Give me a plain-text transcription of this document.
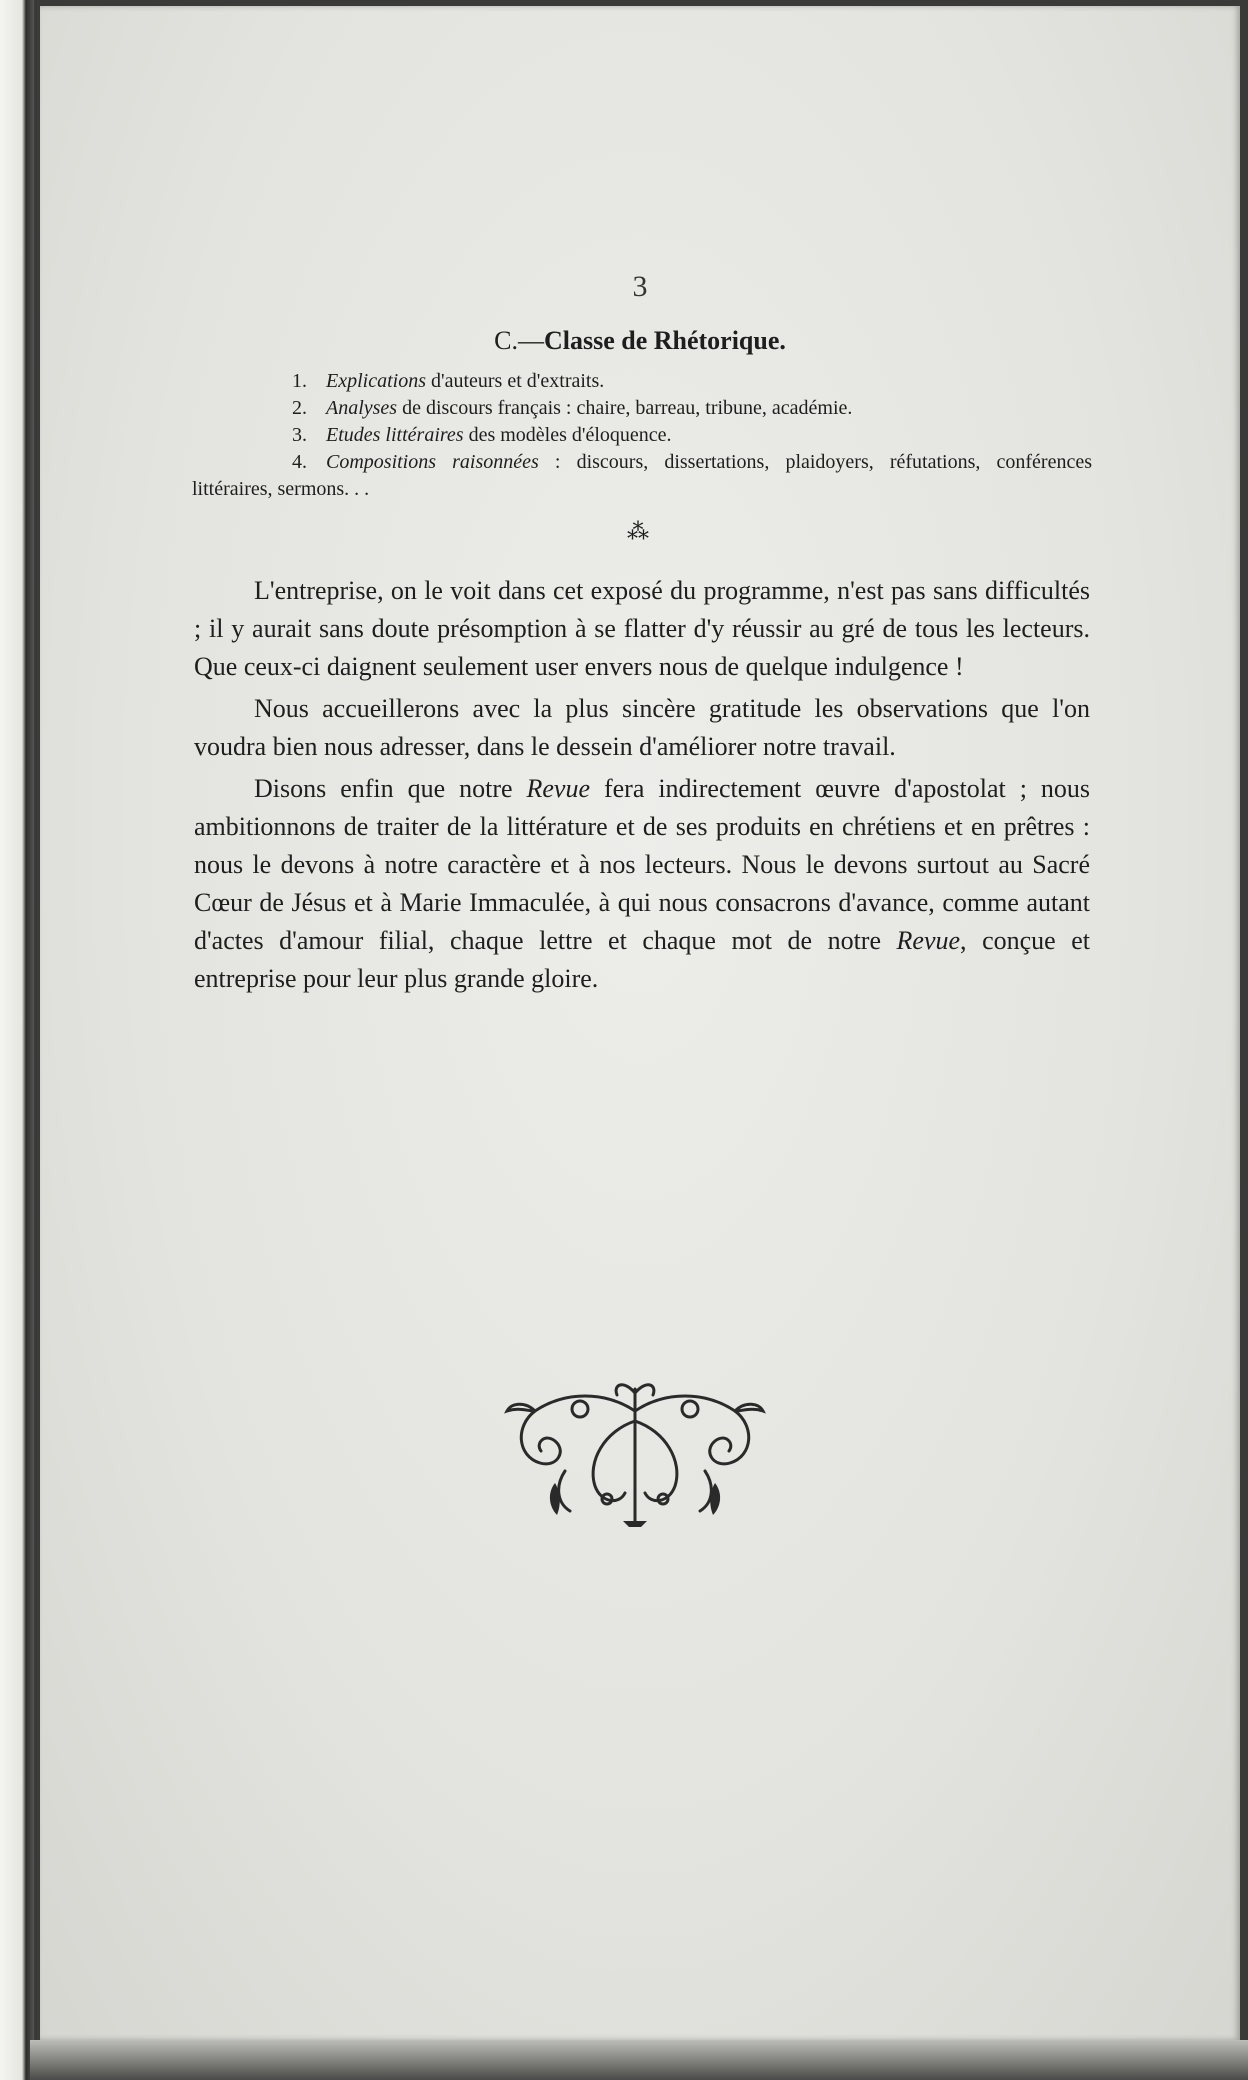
3
C.—Classe de Rhétorique.
1. Explications d'auteurs et d'extraits.
2. Analyses de discours français : chaire, barreau, tribune, académie.
3. Etudes littéraires des modèles d'éloquence.
4. Compositions raisonnées : discours, dissertations, plaidoyers, réfutations, conférences littéraires, sermons. . .
⁂

L'entreprise, on le voit dans cet exposé du programme, n'est pas sans difficultés ; il y aurait sans doute présomption à se flatter d'y réussir au gré de tous les lecteurs. Que ceux-ci daignent seulement user envers nous de quelque indulgence !

Nous accueillerons avec la plus sincère gratitude les observations que l'on voudra bien nous adresser, dans le dessein d'améliorer notre travail.

Disons enfin que notre Revue fera indirectement œuvre d'apostolat ; nous ambitionnons de traiter de la littérature et de ses produits en chrétiens et en prêtres : nous le devons à notre caractère et à nos lecteurs. Nous le devons surtout au Sacré Cœur de Jésus et à Marie Immaculée, à qui nous consacrons d'avance, comme autant d'actes d'amour filial, chaque lettre et chaque mot de notre Revue, conçue et entreprise pour leur plus grande gloire.
